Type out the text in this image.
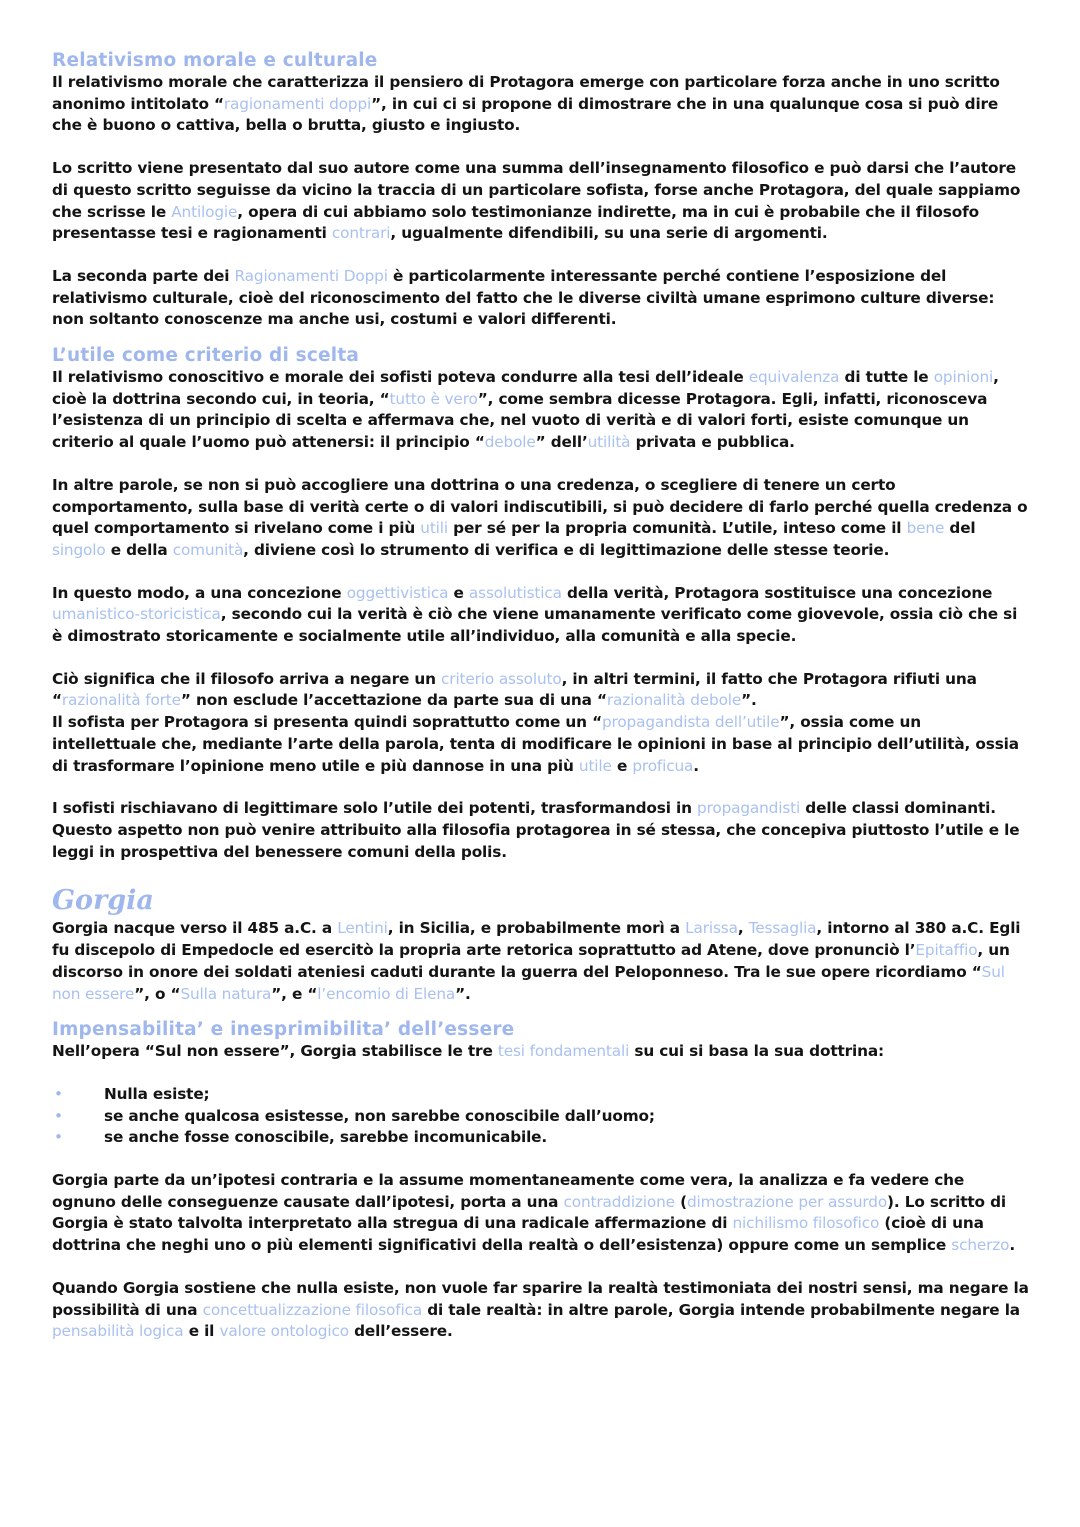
Relativismo morale e culturale

Il relativismo morale che caratterizza il pensiero di Protagora emerge con particolare forza anche in uno scritto anonimo intitolato “ragionamenti doppi”, in cui ci si propone di dimostrare che in una qualunque cosa si può dire che è buono o cattiva, bella o brutta, giusto e ingiusto.

Lo scritto viene presentato dal suo autore come una summa dell’insegnamento filosofico e può darsi che l’autore di questo scritto seguisse da vicino la traccia di un particolare sofista, forse anche Protagora, del quale sappiamo che scrisse le Antilogie, opera di cui abbiamo solo testimonianze indirette, ma in cui è probabile che il filosofo presentasse tesi e ragionamenti contrari, ugualmente difendibili, su una serie di argomenti.

La seconda parte dei Ragionamenti Doppi è particolarmente interessante perché contiene l’esposizione del relativismo culturale, cioè del riconoscimento del fatto che le diverse civiltà umane esprimono culture diverse: non soltanto conoscenze ma anche usi, costumi e valori differenti.

L’utile come criterio di scelta

Il relativismo conoscitivo e morale dei sofisti poteva condurre alla tesi dell’ideale equivalenza di tutte le opinioni, cioè la dottrina secondo cui, in teoria, “tutto è vero”, come sembra dicesse Protagora. Egli, infatti, riconosceva l’esistenza di un principio di scelta e affermava che, nel vuoto di verità e di valori forti, esiste comunque un criterio al quale l’uomo può attenersi: il principio “debole” dell’utilità privata e pubblica.

In altre parole, se non si può accogliere una dottrina o una credenza, o scegliere di tenere un certo comportamento, sulla base di verità certe o di valori indiscutibili, si può decidere di farlo perché quella credenza o quel comportamento si rivelano come i più utili per sé per la propria comunità. L’utile, inteso come il bene del singolo e della comunità, diviene così lo strumento di verifica e di legittimazione delle stesse teorie.

In questo modo, a una concezione oggettivistica e assolutistica della verità, Protagora sostituisce una concezione umanistico-storicistica, secondo cui la verità è ciò che viene umanamente verificato come giovevole, ossia ciò che si è dimostrato storicamente e socialmente utile all’individuo, alla comunità e alla specie.

Ciò significa che il filosofo arriva a negare un criterio assoluto, in altri termini, il fatto che Protagora rifiuti una “razionalità forte” non esclude l’accettazione da parte sua di una “razionalità debole”.

Il sofista per Protagora si presenta quindi soprattutto come un “propagandista dell’utile”, ossia come un intellettuale che, mediante l’arte della parola, tenta di modificare le opinioni in base al principio dell’utilità, ossia di trasformare l’opinione meno utile e più dannose in una più utile e proficua.

I sofisti rischiavano di legittimare solo l’utile dei potenti, trasformandosi in propagandisti delle classi dominanti. Questo aspetto non può venire attribuito alla filosofia protagorea in sé stessa, che concepiva piuttosto l’utile e le leggi in prospettiva del benessere comuni della polis.

Gorgia

Gorgia nacque verso il 485 a.C. a Lentini, in Sicilia, e probabilmente morì a Larissa, Tessaglia, intorno al 380 a.C. Egli fu discepolo di Empedocle ed esercitò la propria arte retorica soprattutto ad Atene, dove pronunciò l’Epitaffio, un discorso in onore dei soldati ateniesi caduti durante la guerra del Peloponneso. Tra le sue opere ricordiamo “Sul non essere”, o “Sulla natura”, e “l’encomio di Elena”.

Impensabilita’ e inesprimibilita’ dell’essere

Nell’opera “Sul non essere”, Gorgia stabilisce le tre tesi fondamentali su cui si basa la sua dottrina:

• Nulla esiste;
• se anche qualcosa esistesse, non sarebbe conoscibile dall’uomo;
• se anche fosse conoscibile, sarebbe incomunicabile.

Gorgia parte da un’ipotesi contraria e la assume momentaneamente come vera, la analizza e fa vedere che ognuno delle conseguenze causate dall’ipotesi, porta a una contraddizione (dimostrazione per assurdo). Lo scritto di Gorgia è stato talvolta interpretato alla stregua di una radicale affermazione di nichilismo filosofico (cioè di una dottrina che neghi uno o più elementi significativi della realtà o dell’esistenza) oppure come un semplice scherzo.

Quando Gorgia sostiene che nulla esiste, non vuole far sparire la realtà testimoniata dei nostri sensi, ma negare la possibilità di una concettualizzazione filosofica di tale realtà: in altre parole, Gorgia intende probabilmente negare la pensabilità logica e il valore ontologico dell’essere.
